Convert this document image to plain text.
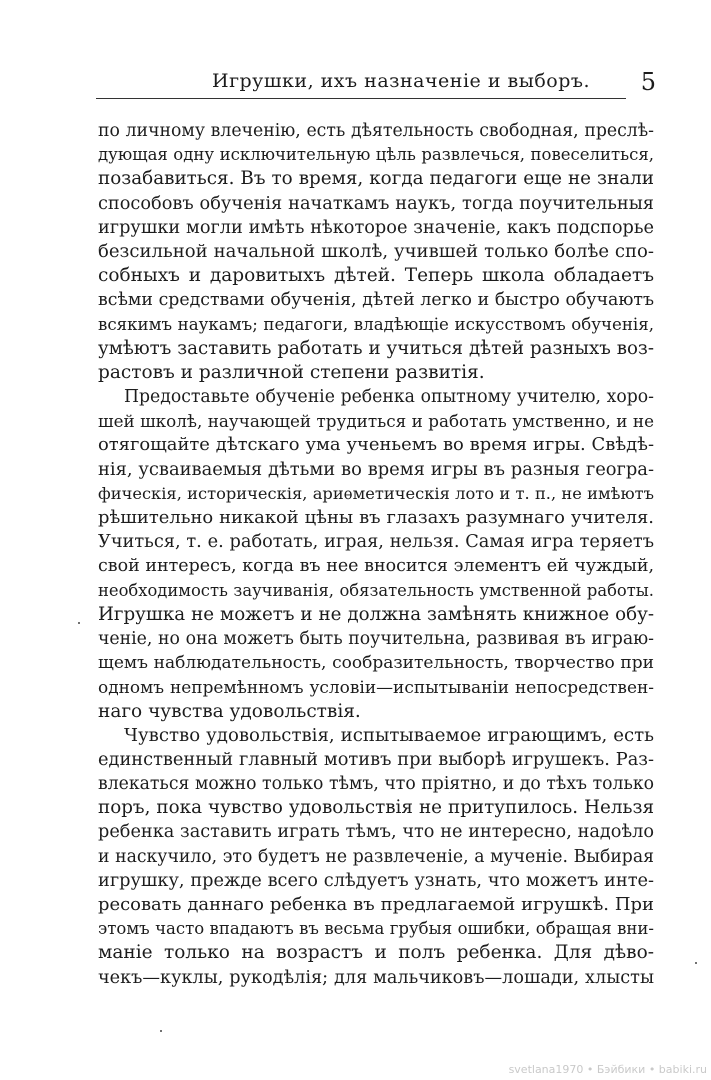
Игрушки, ихъ назначеніе и выборъ. 5
по личному влеченію, есть дѣятельность свободная, преслѣ-
дующая одну исключительную цѣль развлечься, повеселиться,
позабавиться. Въ то время, когда педагоги еще не знали
способовъ обученія начаткамъ наукъ, тогда поучительныя
игрушки могли имѣть нѣкоторое значеніе, какъ подспорье
безсильной начальной школѣ, учившей только болѣе спо-
собныхъ и даровитыхъ дѣтей. Теперь школа обладаетъ
всѣми средствами обученія, дѣтей легко и быстро обучаютъ
всякимъ наукамъ; педагоги, владѣющіе искусствомъ обученія,
умѣютъ заставить работать и учиться дѣтей разныхъ воз-
растовъ и различной степени развитія.
Предоставьте обученіе ребенка опытному учителю, хоро-
шей школѣ, научающей трудиться и работать умственно, и не
отягощайте дѣтскаго ума ученьемъ во время игры. Свѣдѣ-
нія, усваиваемыя дѣтьми во время игры въ разныя геогра-
фическія, историческія, ариѳметическія лото и т. п., не имѣютъ
рѣшительно никакой цѣны въ глазахъ разумнаго учителя.
Учиться, т. е. работать, играя, нельзя. Самая игра теряетъ
свой интересъ, когда въ нее вносится элементъ ей чуждый,
необходимость заучиванія, обязательность умственной работы.
Игрушка не можетъ и не должна замѣнять книжное обу-
ченіе, но она можетъ быть поучительна, развивая въ играю-
щемъ наблюдательность, сообразительность, творчество при
одномъ непремѣнномъ условіи—испытываніи непосредствен-
наго чувства удовольствія.
Чувство удовольствія, испытываемое играющимъ, есть
единственный главный мотивъ при выборѣ игрушекъ. Раз-
влекаться можно только тѣмъ, что пріятно, и до тѣхъ только
поръ, пока чувство удовольствія не притупилось. Нельзя
ребенка заставить играть тѣмъ, что не интересно, надоѣло
и наскучило, это будетъ не развлеченіе, а мученіе. Выбирая
игрушку, прежде всего слѣдуетъ узнать, что можетъ инте-
ресовать даннаго ребенка въ предлагаемой игрушкѣ. При
этомъ часто впадаютъ въ весьма грубыя ошибки, обращая вни-
маніе только на возрастъ и полъ ребенка. Для дѣво-
чекъ—куклы, рукодѣлія; для мальчиковъ—лошади, хлысты
svetlana1970 • Бэйбики • babiki.ru
